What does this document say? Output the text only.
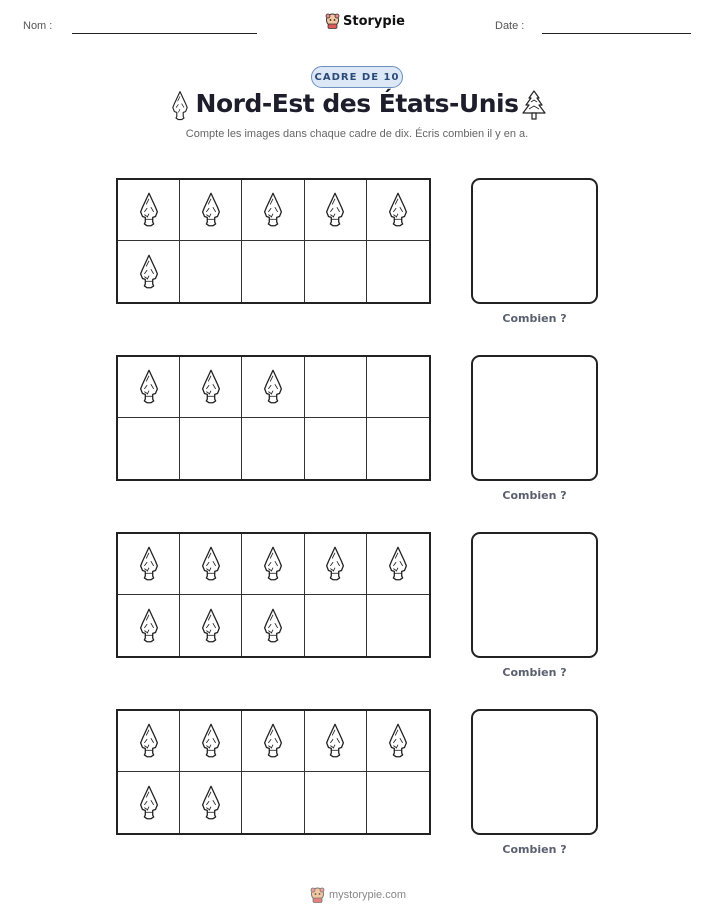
Nom :	Storypie	Date :
CADRE DE 10
Nord-Est des États-Unis
Compte les images dans chaque cadre de dix. Écris combien il y en a.
Combien ?
Combien ?
Combien ?
Combien ?
mystorypie.com
